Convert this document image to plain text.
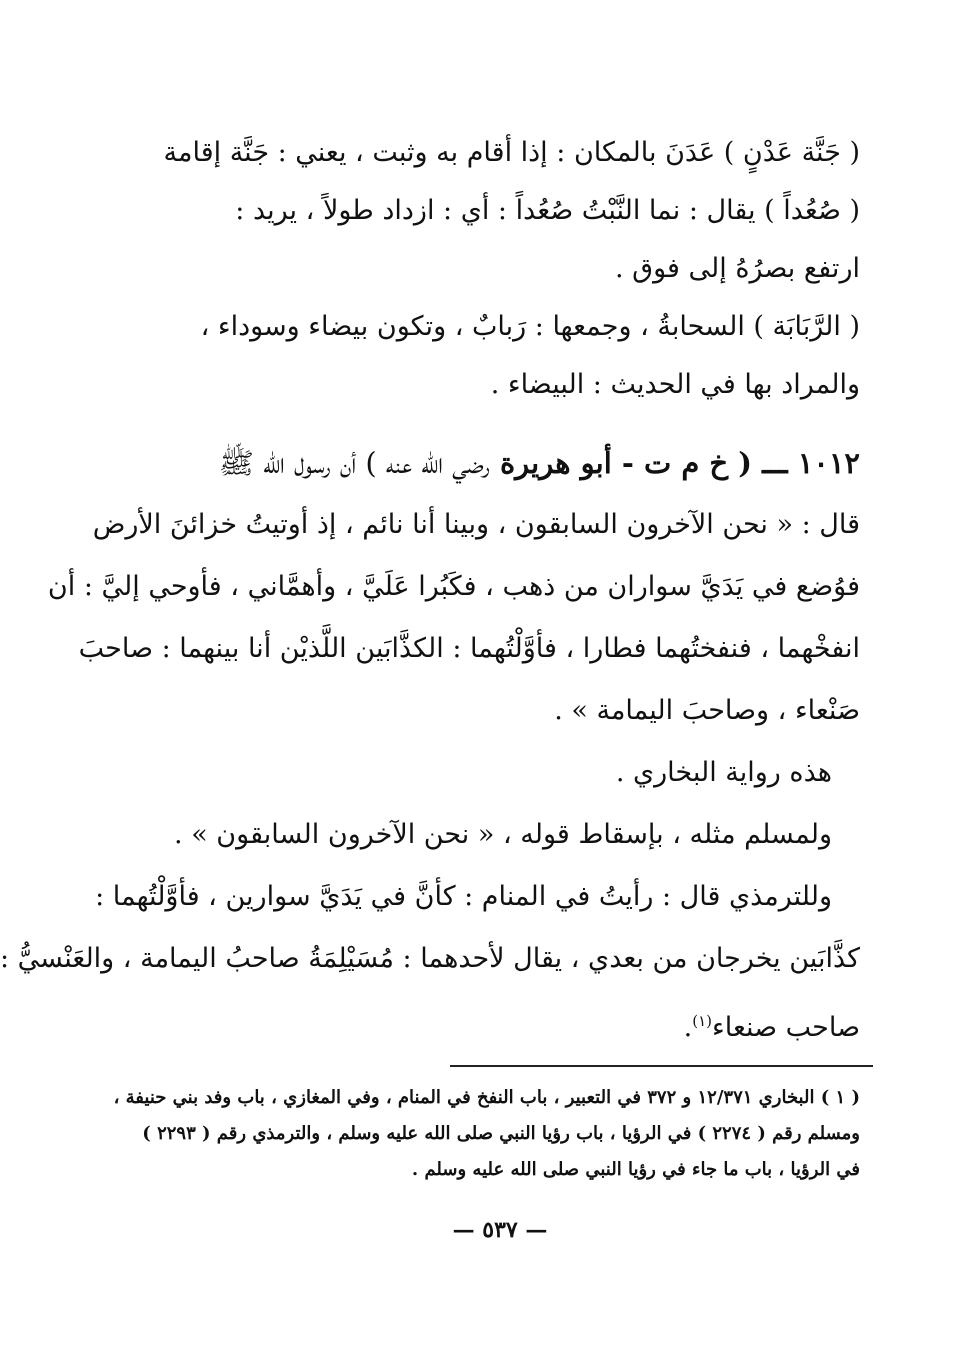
( جَنَّة عَدْنٍ ) عَدَنَ بالمكان : إذا أقام به وثبت ، يعني : جَنَّة إقامة
( صُعُداً ) يقال : نما النَّبْتُ صُعُداً : أي : ازداد طولاً ، يريد :
ارتفع بصرُهُ إلى فوق .
( الرَّبَابَة ) السحابةُ ، وجمعها : رَبابٌ ، وتكون بيضاء وسوداء ،
والمراد بها في الحديث : البيضاء .
١٠١٢ ـــ ( خ م ت - أبو هريرة رضي الله عنه ) أن رسول الله ﷺ
قال : « نحن الآخرون السابقون ، وبينا أنا نائم ، إذ أوتيتُ خزائنَ الأرض
فوُضع في يَدَيَّ سواران من ذهب ، فكَبُرا عَلَيَّ ، وأهمَّاني ، فأوحي إليَّ : أن
انفخْهما ، فنفختُهما فطارا ، فأوَّلْتُهما : الكذَّابَين اللَّذيْن أنا بينهما : صاحبَ
صَنْعاء ، وصاحبَ اليمامة » .
هذه رواية البخاري .
ولمسلم مثله ، بإسقاط قوله ، « نحن الآخرون السابقون » .
وللترمذي قال : رأيتُ في المنام : كأنَّ في يَدَيَّ سوارين ، فأوَّلْتُهما :
كذَّابَين يخرجان من بعدي ، يقال لأحدهما : مُسَيْلِمَةُ صاحبُ اليمامة ، والعَنْسيُّ :
صاحب صنعاء$^{(١)}$.
( ١ ) البخاري ١٢/٣٧١ و ٣٧٢ في التعبير ، باب النفخ في المنام ، وفي المغازي ، باب وفد بني حنيفة ،
ومسلم رقم ( ٢٢٧٤ ) في الرؤيا ، باب رؤيا النبي صلى الله عليه وسلم ، والترمذي رقم ( ٢٢٩٣ )
في الرؤيا ، باب ما جاء في رؤيا النبي صلى الله عليه وسلم .
— ٥٣٧ —
